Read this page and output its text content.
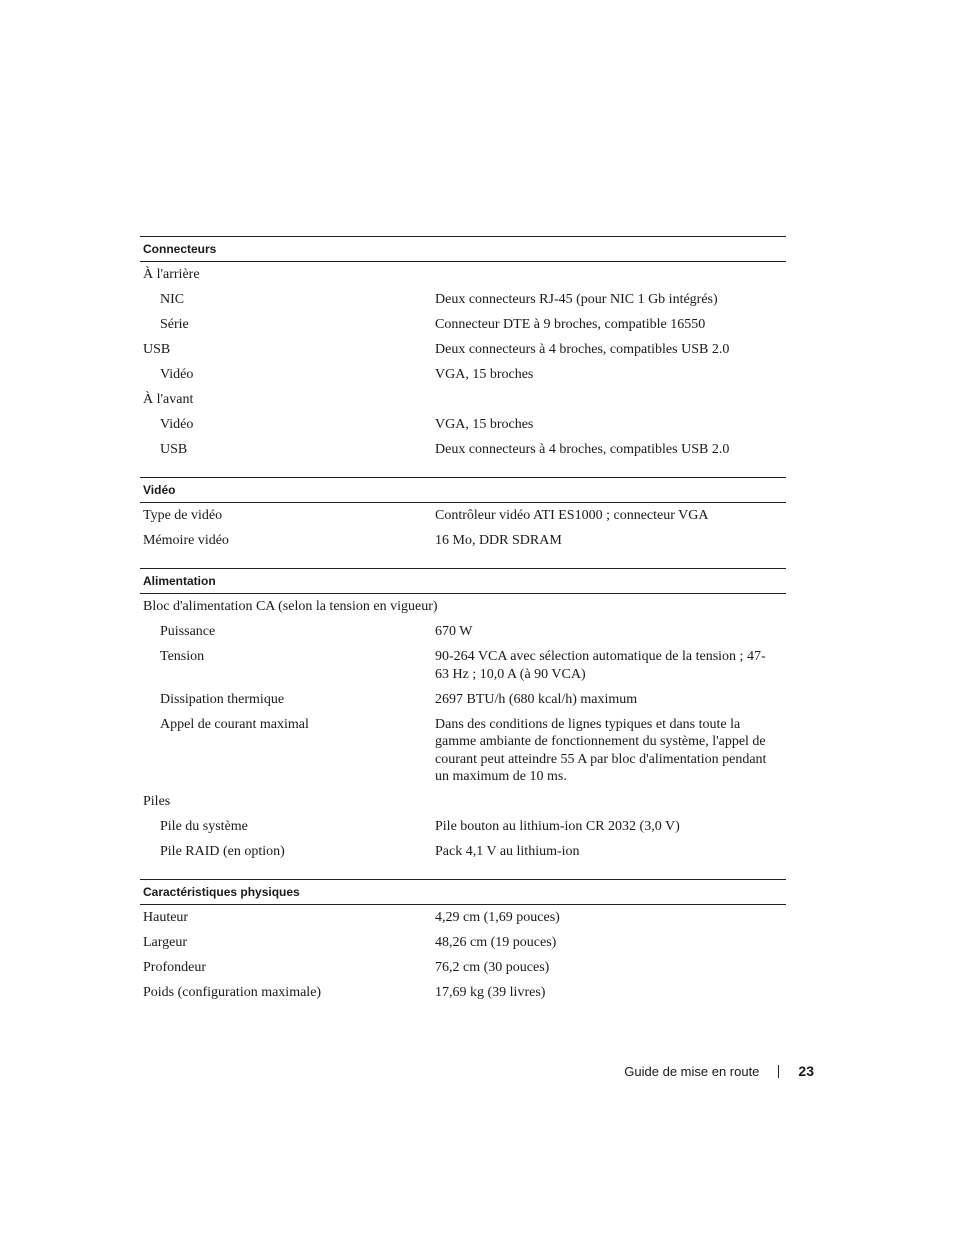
Connecteurs
À l'arrière
NIC	Deux connecteurs RJ-45 (pour NIC 1 Gb intégrés)
Série	Connecteur DTE à 9 broches, compatible 16550
USB	Deux connecteurs à 4 broches, compatibles USB 2.0
Vidéo	VGA, 15 broches
À l'avant
Vidéo	VGA, 15 broches
USB	Deux connecteurs à 4 broches, compatibles USB 2.0
Vidéo
Type de vidéo	Contrôleur vidéo ATI ES1000 ; connecteur VGA
Mémoire vidéo	16 Mo, DDR SDRAM
Alimentation
Bloc d'alimentation CA (selon la tension en vigueur)
Puissance	670 W
Tension	90-264 VCA avec sélection automatique de la tension ; 47-63 Hz ; 10,0 A (à 90 VCA)
Dissipation thermique	2697 BTU/h (680 kcal/h) maximum
Appel de courant maximal	Dans des conditions de lignes typiques et dans toute la gamme ambiante de fonctionnement du système, l'appel de courant peut atteindre 55 A par bloc d'alimentation pendant un maximum de 10 ms.
Piles
Pile du système	Pile bouton au lithium-ion CR 2032 (3,0 V)
Pile RAID (en option)	Pack 4,1 V au lithium-ion
Caractéristiques physiques
Hauteur	4,29 cm (1,69 pouces)
Largeur	48,26 cm (19 pouces)
Profondeur	76,2 cm (30 pouces)
Poids (configuration maximale)	17,69 kg (39 livres)
Guide de mise en route	23
